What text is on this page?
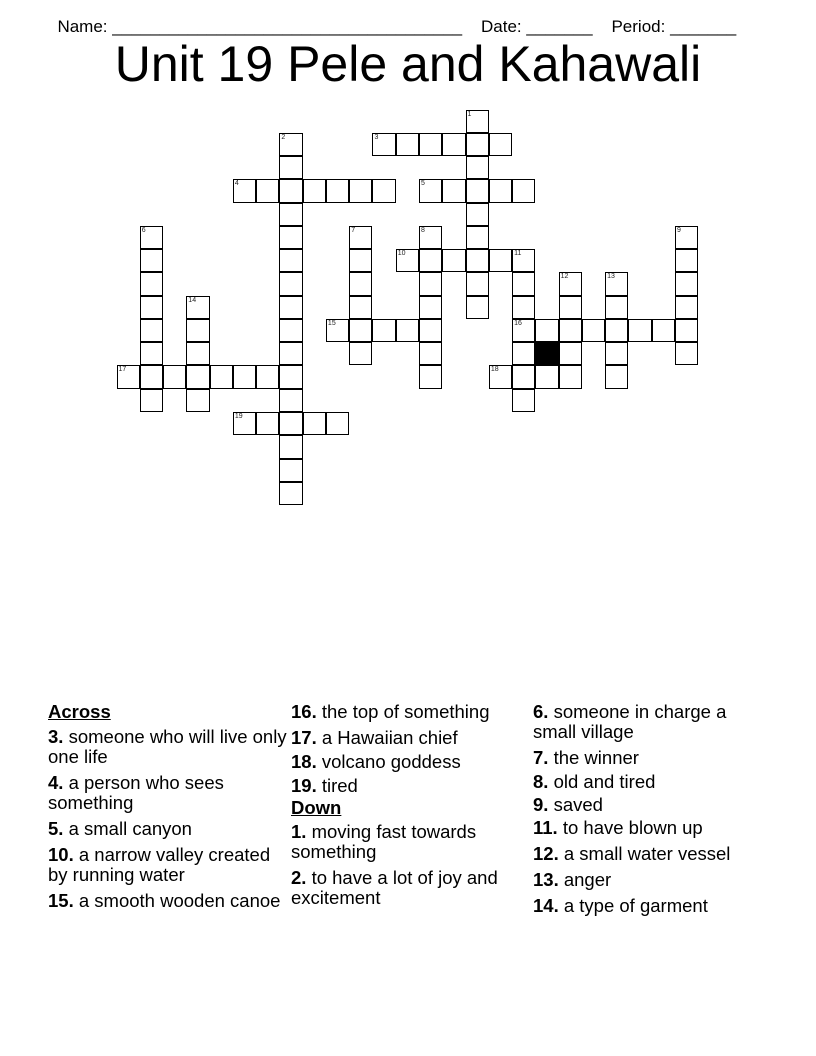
Name: _____________________________________ Date: _______ Period: _______

Unit 19 Pele and Kahawali
1
2	3
4	5
6	7	8	9
10	11
16
12	13
14
15
17	18
19
Across
3. someone who will live only one life
4. a person who sees something
5. a small canyon
10. a narrow valley created by running water
15. a smooth wooden canoe
16. the top of something
17. a Hawaiian chief
18. volcano goddess
19. tired
Down
1. moving fast towards something
2. to have a lot of joy and excitement
6. someone in charge a small village
7. the winner
8. old and tired
9. saved
11. to have blown up
12. a small water vessel
13. anger
14. a type of garment
